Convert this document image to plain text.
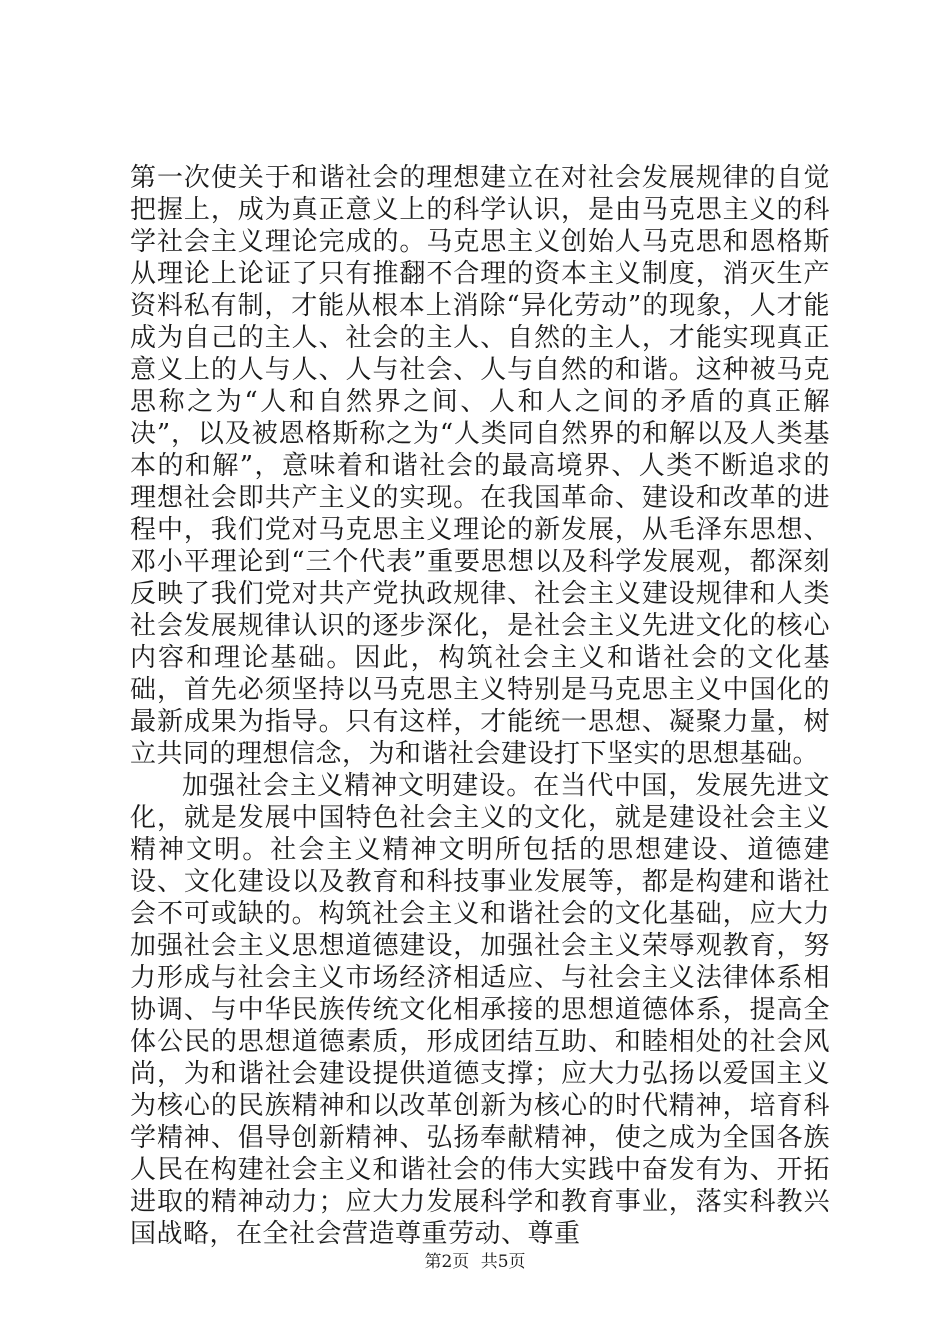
第一次使关于和谐社会的理想建立在对社会发展规律的自觉把握上，成为真正意义上的科学认识，是由马克思主义的科学社会主义理论完成的。马克思主义创始人马克思和恩格斯从理论上论证了只有推翻不合理的资本主义制度，消灭生产资料私有制，才能从根本上消除“异化劳动”的现象，人才能成为自己的主人、社会的主人、自然的主人，才能实现真正意义上的人与人、人与社会、人与自然的和谐。这种被马克思称之为“人和自然界之间、人和人之间的矛盾的真正解决”，以及被恩格斯称之为“人类同自然界的和解以及人类基本的和解”，意味着和谐社会的最高境界、人类不断追求的理想社会即共产主义的实现。在我国革命、建设和改革的进程中，我们党对马克思主义理论的新发展，从毛泽东思想、邓小平理论到“三个代表”重要思想以及科学发展观，都深刻反映了我们党对共产党执政规律、社会主义建设规律和人类社会发展规律认识的逐步深化，是社会主义先进文化的核心内容和理论基础。因此，构筑社会主义和谐社会的文化基础，首先必须坚持以马克思主义特别是马克思主义中国化的最新成果为指导。只有这样，才能统一思想、凝聚力量，树立共同的理想信念，为和谐社会建设打下坚实的思想基础。

加强社会主义精神文明建设。在当代中国，发展先进文化，就是发展中国特色社会主义的文化，就是建设社会主义精神文明。社会主义精神文明所包括的思想建设、道德建设、文化建设以及教育和科技事业发展等，都是构建和谐社会不可或缺的。构筑社会主义和谐社会的文化基础，应大力加强社会主义思想道德建设，加强社会主义荣辱观教育，努力形成与社会主义市场经济相适应、与社会主义法律体系相协调、与中华民族传统文化相承接的思想道德体系，提高全体公民的思想道德素质，形成团结互助、和睦相处的社会风尚，为和谐社会建设提供道德支撑；应大力弘扬以爱国主义为核心的民族精神和以改革创新为核心的时代精神，培育科学精神、倡导创新精神、弘扬奉献精神，使之成为全国各族人民在构建社会主义和谐社会的伟大实践中奋发有为、开拓进取的精神动力；应大力发展科学和教育事业，落实科教兴国战略，在全社会营造尊重劳动、尊重

第2页 共5页
